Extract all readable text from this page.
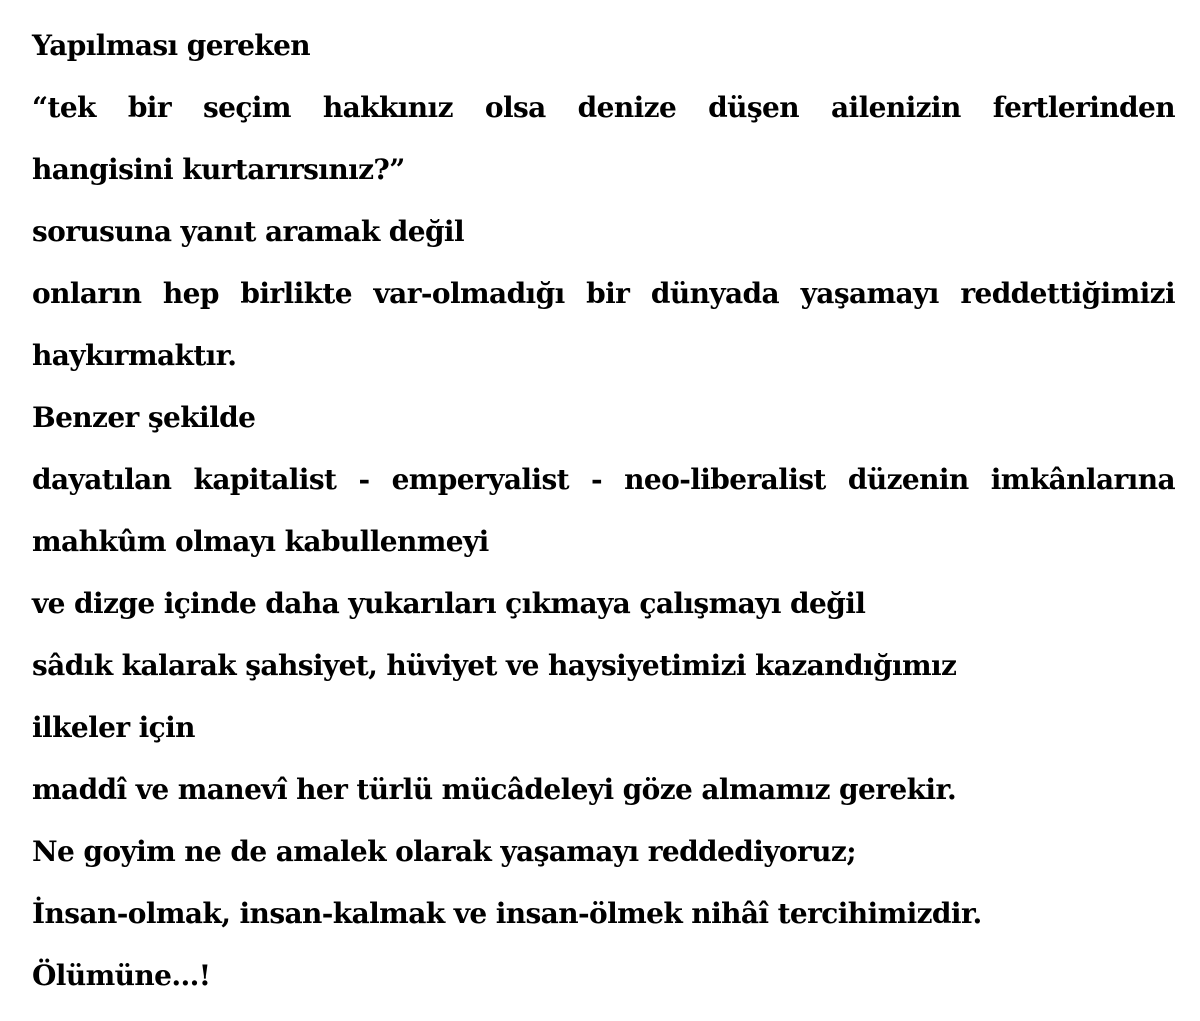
Yapılması gereken
“tek bir seçim hakkınız olsa denize düşen ailenizin fertlerinden
hangisini kurtarırsınız?”
sorusuna yanıt aramak değil
onların hep birlikte var-olmadığı bir dünyada yaşamayı reddettiğimizi
haykırmaktır.
Benzer şekilde
dayatılan kapitalist - emperyalist - neo-liberalist düzenin imkânlarına
mahkûm olmayı kabullenmeyi
ve dizge içinde daha yukarıları çıkmaya çalışmayı değil
sâdık kalarak şahsiyet, hüviyet ve haysiyetimizi kazandığımız
ilkeler için
maddî ve manevî her türlü mücâdeleyi göze almamız gerekir.
Ne goyim ne de amalek olarak yaşamayı reddediyoruz;
İnsan-olmak, insan-kalmak ve insan-ölmek nihâî tercihimizdir.
Ölümüne...!
